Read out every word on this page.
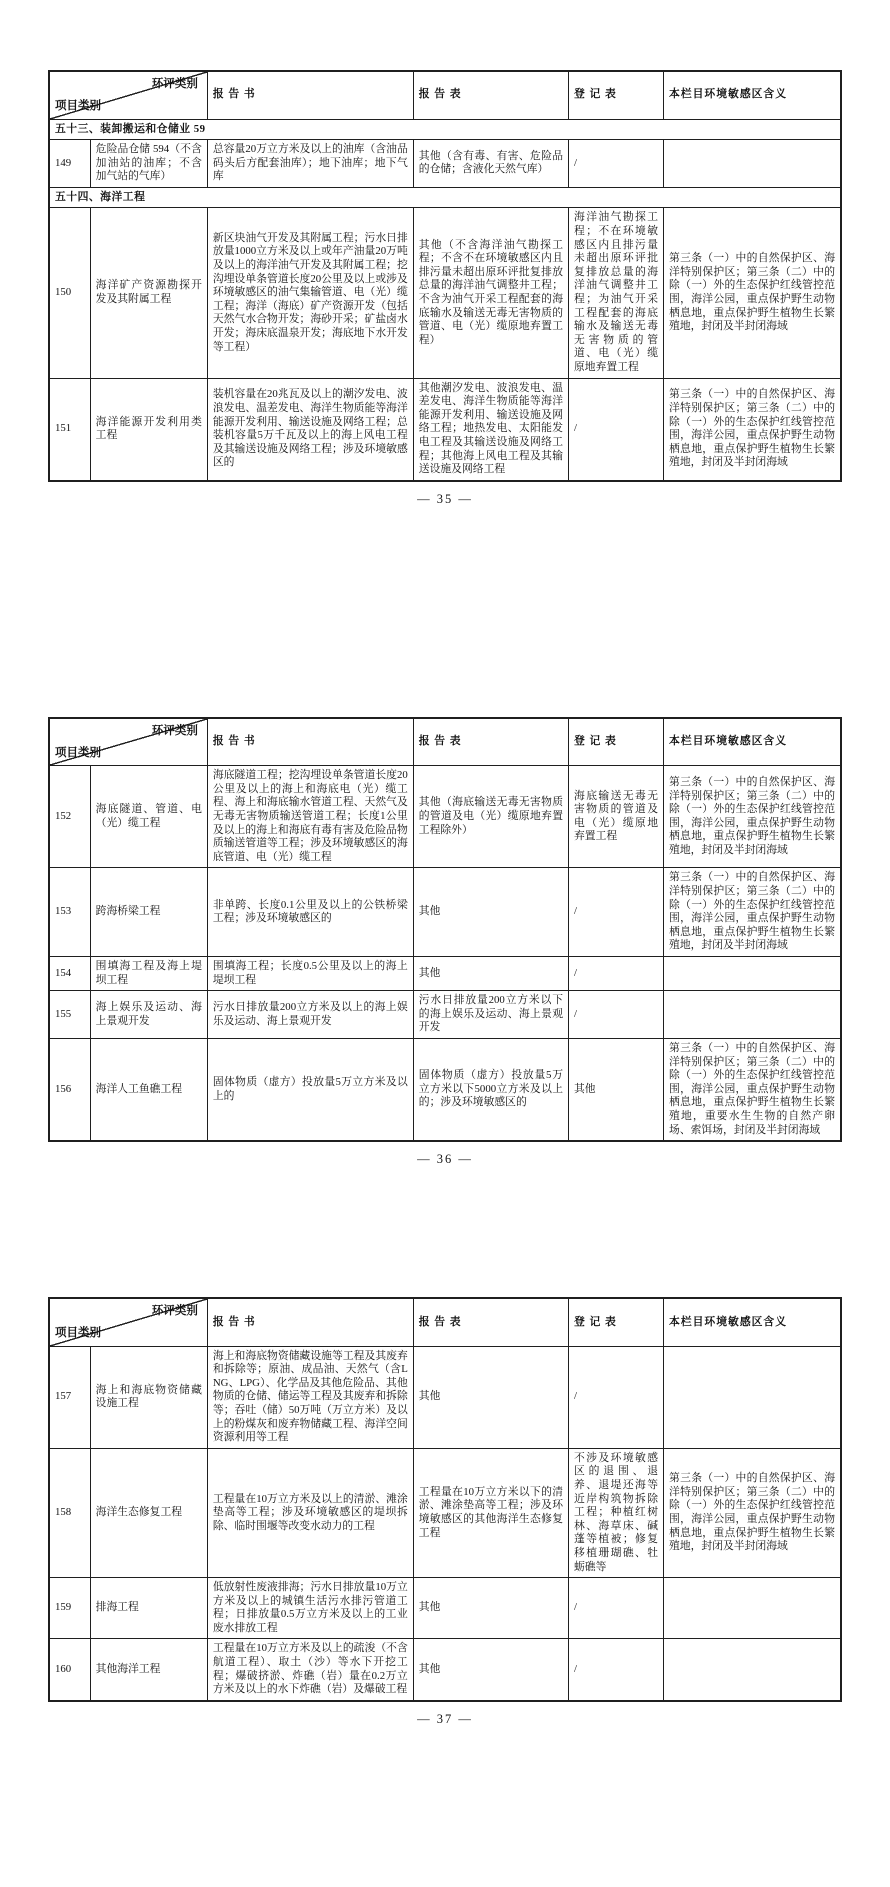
环评类别
项目类别		报 告 书	报 告 表	登 记 表	本栏目环境敏感区含义
五十三、装卸搬运和仓储业 59					
149	危险品仓储 594（不含加油站的油库；不含加气站的气库）	总容量20万立方米及以上的油库（含油品码头后方配套油库）；地下油库；地下气库	其他（含有毒、有害、危险品的仓储；含液化天然气库）	/	
五十四、海洋工程					
150	海洋矿产资源勘探开发及其附属工程	新区块油气开发及其附属工程；污水日排放量1000立方米及以上或年产油量20万吨及以上的海洋油气开发及其附属工程；挖沟埋设单条管道长度20公里及以上或涉及环境敏感区的油气集输管道、电（光）缆工程；海洋（海底）矿产资源开发（包括天然气水合物开发；海砂开采；矿盐卤水开发；海床底温泉开发；海底地下水开发等工程）	其他（不含海洋油气勘探工程；不含不在环境敏感区内且排污量未超出原环评批复排放总量的海洋油气调整井工程；不含为油气开采工程配套的海底输水及输送无毒无害物质的管道、电（光）缆原地弃置工程）	海洋油气勘探工程；不在环境敏感区内且排污量未超出原环评批复排放总量的海洋油气调整井工程；为油气开采工程配套的海底输水及输送无毒无害物质的管道、电（光）缆原地弃置工程	第三条（一）中的自然保护区、海洋特别保护区；第三条（二）中的除（一）外的生态保护红线管控范围，海洋公园，重点保护野生动物栖息地，重点保护野生植物生长繁殖地，封闭及半封闭海域
151	海洋能源开发利用类工程	装机容量在20兆瓦及以上的潮汐发电、波浪发电、温差发电、海洋生物质能等海洋能源开发利用、输送设施及网络工程；总装机容量5万千瓦及以上的海上风电工程及其输送设施及网络工程；涉及环境敏感区的	其他潮汐发电、波浪发电、温差发电、海洋生物质能等海洋能源开发利用、输送设施及网络工程；地热发电、太阳能发电工程及其输送设施及网络工程；其他海上风电工程及其输送设施及网络工程	/	第三条（一）中的自然保护区、海洋特别保护区；第三条（二）中的除（一）外的生态保护红线管控范围，海洋公园，重点保护野生动物栖息地，重点保护野生植物生长繁殖地，封闭及半封闭海域
— 35 —
环评类别
项目类别		报 告 书	报 告 表	登 记 表	本栏目环境敏感区含义
152	海底隧道、管道、电（光）缆工程	海底隧道工程；挖沟埋设单条管道长度20公里及以上的海上和海底电（光）缆工程、海上和海底输水管道工程、天然气及无毒无害物质输送管道工程；长度1公里及以上的海上和海底有毒有害及危险品物质输送管道等工程；涉及环境敏感区的海底管道、电（光）缆工程	其他（海底输送无毒无害物质的管道及电（光）缆原地弃置工程除外）	海底输送无毒无害物质的管道及电（光）缆原地弃置工程	第三条（一）中的自然保护区、海洋特别保护区；第三条（二）中的除（一）外的生态保护红线管控范围，海洋公园，重点保护野生动物栖息地，重点保护野生植物生长繁殖地，封闭及半封闭海域
153	跨海桥梁工程	非单跨、长度0.1公里及以上的公铁桥梁工程；涉及环境敏感区的	其他	/	第三条（一）中的自然保护区、海洋特别保护区；第三条（二）中的除（一）外的生态保护红线管控范围，海洋公园，重点保护野生动物栖息地，重点保护野生植物生长繁殖地，封闭及半封闭海域
154	围填海工程及海上堤坝工程	围填海工程；长度0.5公里及以上的海上堤坝工程	其他	/	
155	海上娱乐及运动、海上景观开发	污水日排放量200立方米及以上的海上娱乐及运动、海上景观开发	污水日排放量200立方米以下的海上娱乐及运动、海上景观开发	/	
156	海洋人工鱼礁工程	固体物质（虚方）投放量5万立方米及以上的	固体物质（虚方）投放量5万立方米以下5000立方米及以上的；涉及环境敏感区的	其他	第三条（一）中的自然保护区、海洋特别保护区；第三条（二）中的除（一）外的生态保护红线管控范围，海洋公园，重点保护野生动物栖息地，重点保护野生植物生长繁殖地，重要水生生物的自然产卵场、索饵场，封闭及半封闭海域
— 36 —
环评类别
项目类别		报 告 书	报 告 表	登 记 表	本栏目环境敏感区含义
157	海上和海底物资储藏设施工程	海上和海底物资储藏设施等工程及其废弃和拆除等；原油、成品油、天然气（含LNG、LPG）、化学品及其他危险品、其他物质的仓储、储运等工程及其废弃和拆除等；吞吐（储）50万吨（万立方米）及以上的粉煤灰和废弃物储藏工程、海洋空间资源利用等工程	其他	/	
158	海洋生态修复工程	工程量在10万立方米及以上的清淤、滩涂垫高等工程；涉及环境敏感区的堤坝拆除、临时围堰等改变水动力的工程	工程量在10万立方米以下的清淤、滩涂垫高等工程；涉及环境敏感区的其他海洋生态修复工程	不涉及环境敏感区的退围、退养、退堤还海等近岸构筑物拆除工程；种植红树林、海草床、碱蓬等植被；修复移植珊瑚礁、牡蛎礁等	第三条（一）中的自然保护区、海洋特别保护区；第三条（二）中的除（一）外的生态保护红线管控范围，海洋公园，重点保护野生动物栖息地，重点保护野生植物生长繁殖地，封闭及半封闭海域
159	排海工程	低放射性废液排海；污水日排放量10万立方米及以上的城镇生活污水排污管道工程；日排放量0.5万立方米及以上的工业废水排放工程	其他	/	
160	其他海洋工程	工程量在10万立方米及以上的疏浚（不含航道工程）、取土（沙）等水下开挖工程；爆破挤淤、炸礁（岩）量在0.2万立方米及以上的水下炸礁（岩）及爆破工程	其他	/	
— 37 —
